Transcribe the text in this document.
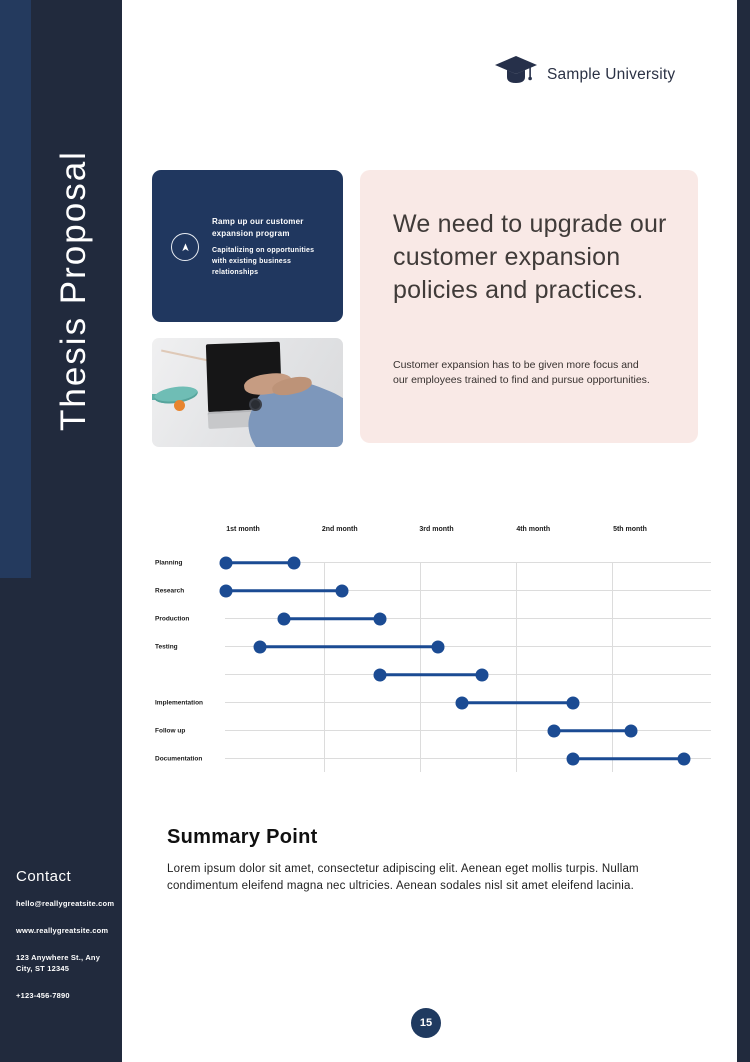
Thesis Proposal
Contact
hello@reallygreatsite.com
www.reallygreatsite.com
123 Anywhere St., Any City, ST 12345
+123-456-7890
Sample University
Ramp up our customer expansion program
Capitalizing on opportunities with existing business relationships
We need to upgrade our customer expansion policies and practices.
Customer expansion has to be given more focus and our employees trained to find and pursue opportunities.
1st month	2nd month	3rd month	4th month	5th month
Planning
Research
Production
Testing
Implementation
Follow up
Documentation
Summary Point
Lorem ipsum dolor sit amet, consectetur adipiscing elit. Aenean eget mollis turpis. Nullam condimentum eleifend magna nec ultricies. Aenean sodales nisl sit amet eleifend lacinia.
15
